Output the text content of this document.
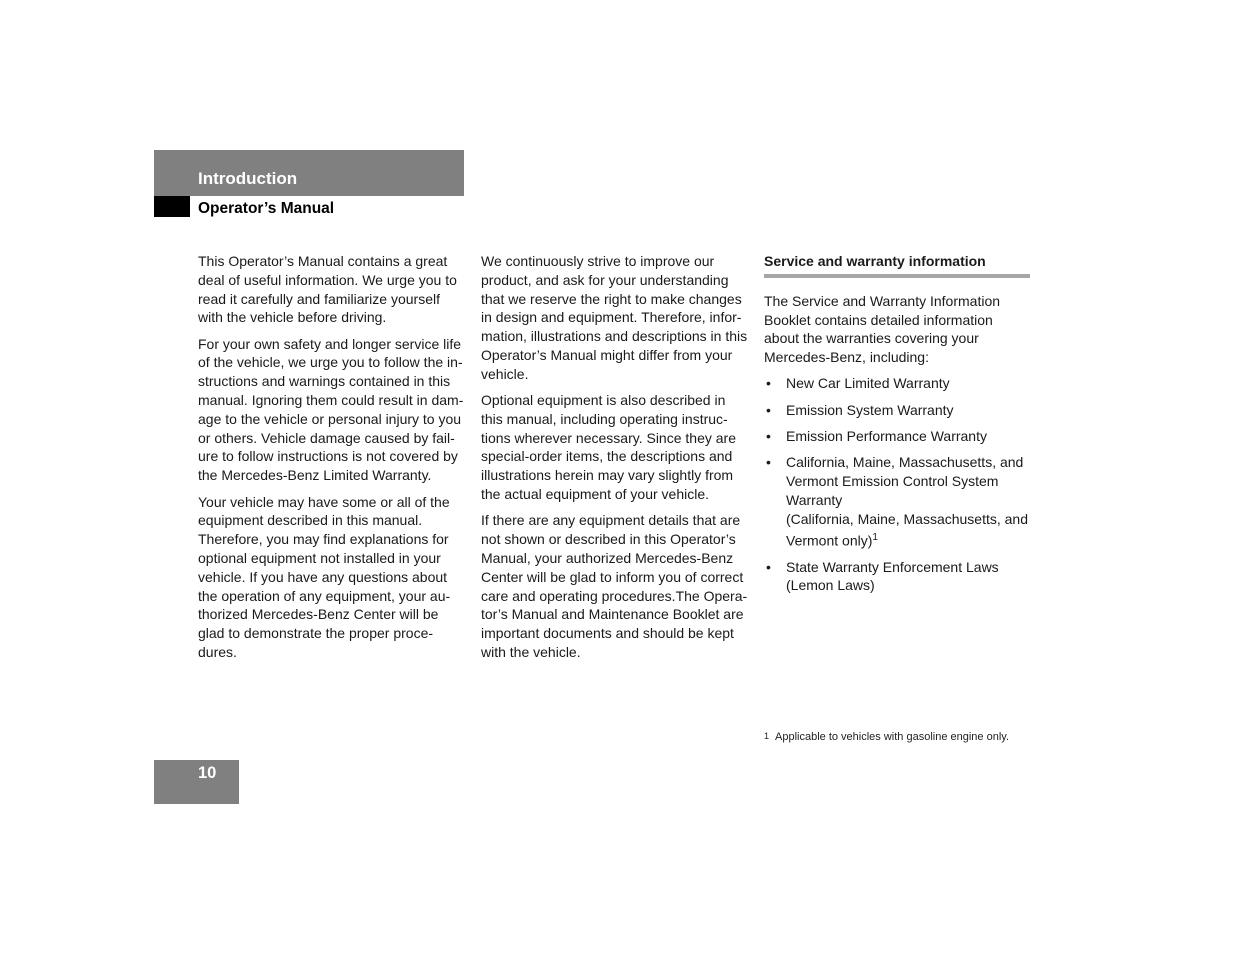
Introduction
Operator’s Manual

This Operator’s Manual contains a great deal of useful information. We urge you to read it carefully and familiarize yourself with the vehicle before driving.

For your own safety and longer service life of the vehicle, we urge you to follow the instructions and warnings contained in this manual. Ignoring them could result in damage to the vehicle or personal injury to you or others. Vehicle damage caused by failure to follow instructions is not covered by the Mercedes-Benz Limited Warranty.

Your vehicle may have some or all of the equipment described in this manual. Therefore, you may find explanations for optional equipment not installed in your vehicle. If you have any questions about the operation of any equipment, your authorized Mercedes-Benz Center will be glad to demonstrate the proper procedures.

We continuously strive to improve our product, and ask for your understanding that we reserve the right to make changes in design and equipment. Therefore, information, illustrations and descriptions in this Operator’s Manual might differ from your vehicle.

Optional equipment is also described in this manual, including operating instructions wherever necessary. Since they are special-order items, the descriptions and illustrations herein may vary slightly from the actual equipment of your vehicle.

If there are any equipment details that are not shown or described in this Operator’s Manual, your authorized Mercedes-Benz Center will be glad to inform you of correct care and operating procedures.The Operator’s Manual and Maintenance Booklet are important documents and should be kept with the vehicle.

Service and warranty information

The Service and Warranty Information Booklet contains detailed information about the warranties covering your Mercedes-Benz, including:

• New Car Limited Warranty
• Emission System Warranty
• Emission Performance Warranty
• California, Maine, Massachusetts, and Vermont Emission Control System Warranty
(California, Maine, Massachusetts, and Vermont only)$^1$
• State Warranty Enforcement Laws (Lemon Laws)
$^1$ Applicable to vehicles with gasoline engine only.
10
